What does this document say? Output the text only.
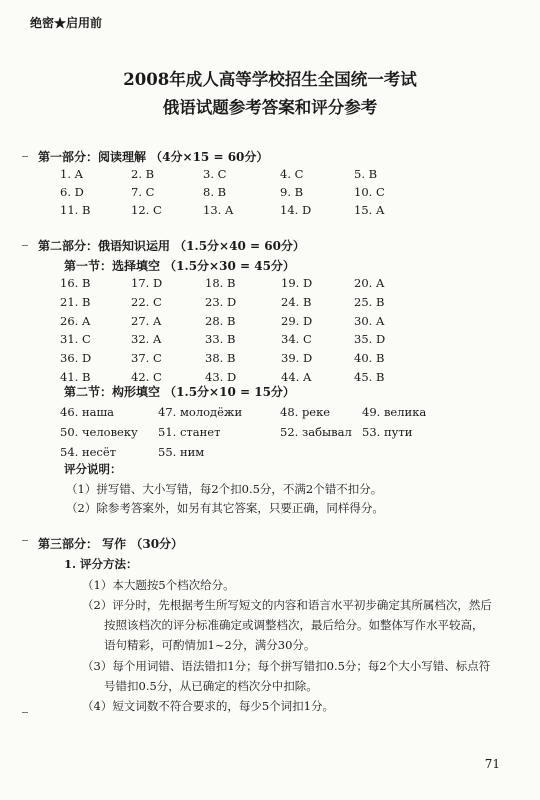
绝密★启用前
2008年成人高等学校招生全国统一考试
俄语试题参考答案和评分参考
第一部分：阅读理解 （4分×15 = 60分）
1. A	2. B	3. C	4. C	5. B
6. D	7. C	8. B	9. B	10. C
11. B	12. C	13. A	14. D	15. A
第二部分：俄语知识运用 （1.5分×40 = 60分）
第一节：选择填空 （1.5分×30 = 45分）
16. B	17. D	18. B	19. D	20. A
21. B	22. C	23. D	24. B	25. B
26. A	27. A	28. B	29. D	30. A
31. C	32. A	33. B	34. C	35. D
36. D	37. C	38. B	39. D	40. B
41. B	42. C	43. D	44. A	45. B
第二节：构形填空 （1.5分×10 = 15分）
46. наша	47. молодёжи	48. реке	49. велика
50. человеку 51. станет	52. забывал 53. пути
54. несёт	55. ним
评分说明：
（1）拼写错、大小写错，每2个扣0.5分，不满2个错不扣分。
（2）除参考答案外，如另有其它答案，只要正确，同样得分。
第三部分： 写作 （30分）
1. 评分方法：
（1）本大题按5个档次给分。
（2）评分时，先根据考生所写短文的内容和语言水平初步确定其所属档次，然后
按照该档次的评分标准确定或调整档次，最后给分。如整体写作水平较高，
语句精彩，可酌情加1~2分，满分30分。
（3）每个用词错、语法错扣1分；每个拼写错扣0.5分；每2个大小写错、标点符
号错扣0.5分，从已确定的档次分中扣除。
（4）短文词数不符合要求的，每少5个词扣1分。
71
